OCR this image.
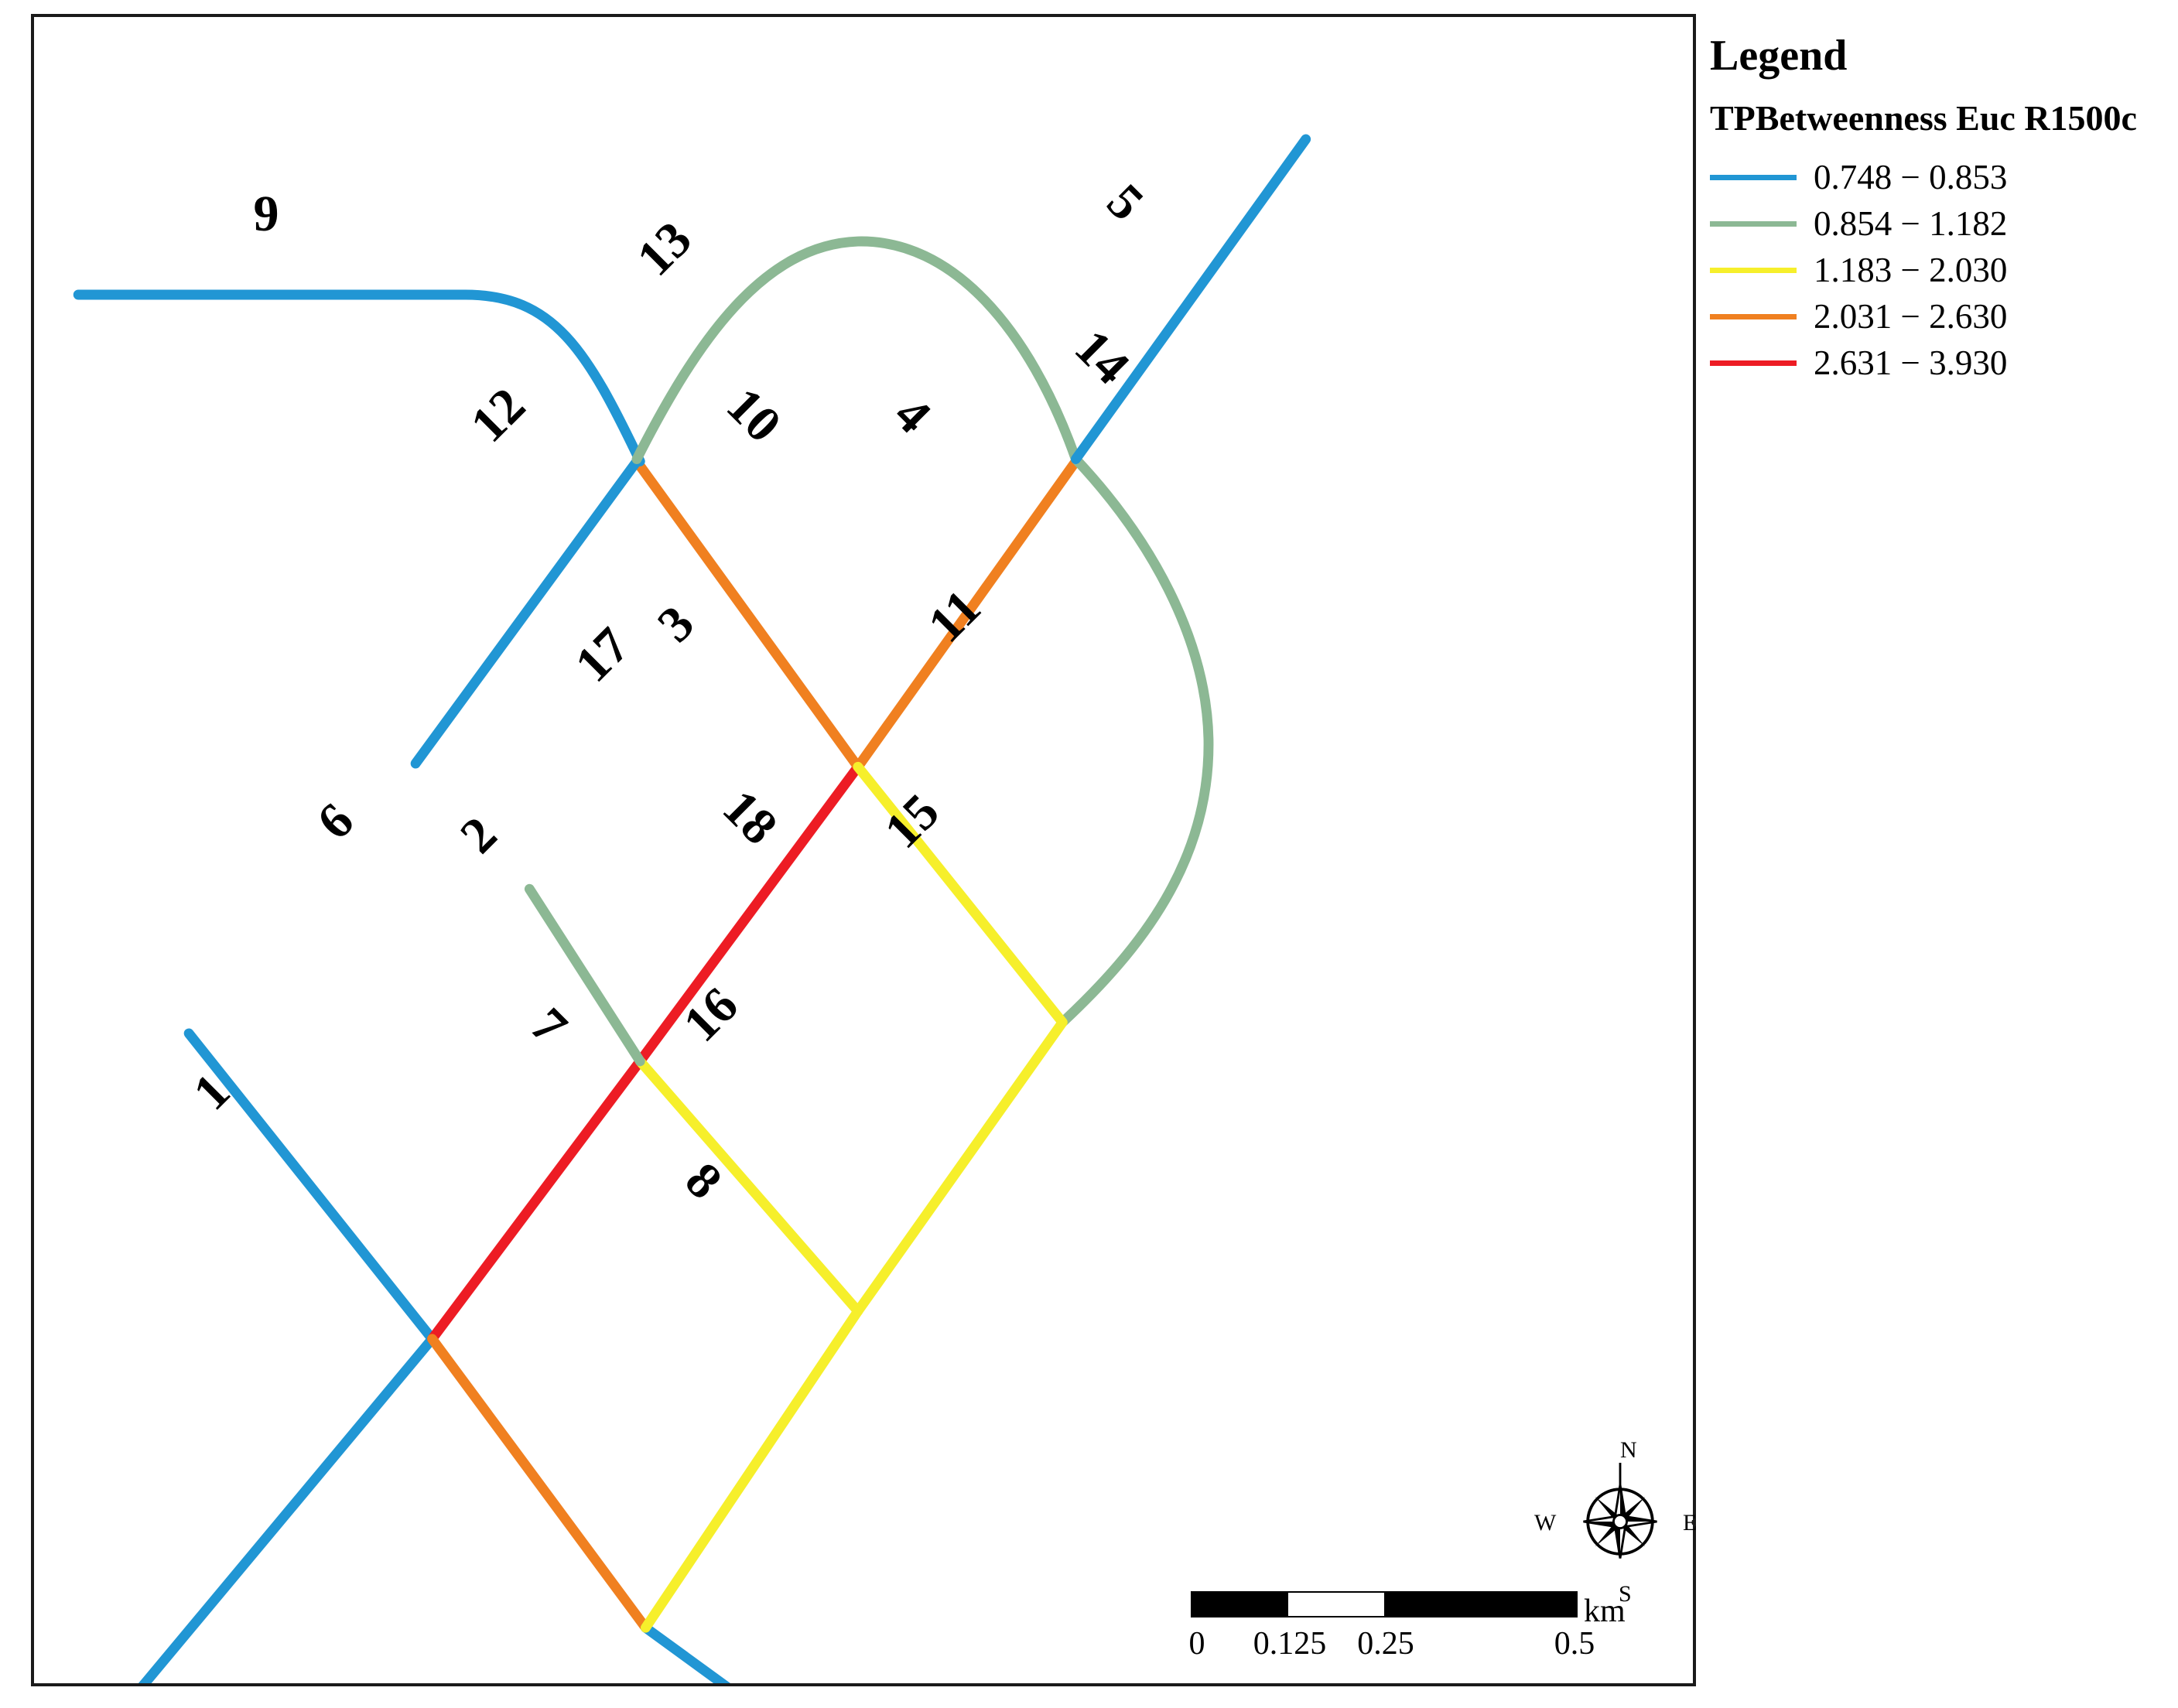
1
2
3
4
5
6
7
8
9
10
11
12
13
14
15
16
17
18
N
S
E
W
km
0 0.125 0.25	0.5
Legend
TPBetweenness Euc R1500c
0.748 − 0.853
0.854 − 1.182
1.183 − 2.030
2.031 − 2.630
2.631 − 3.930
